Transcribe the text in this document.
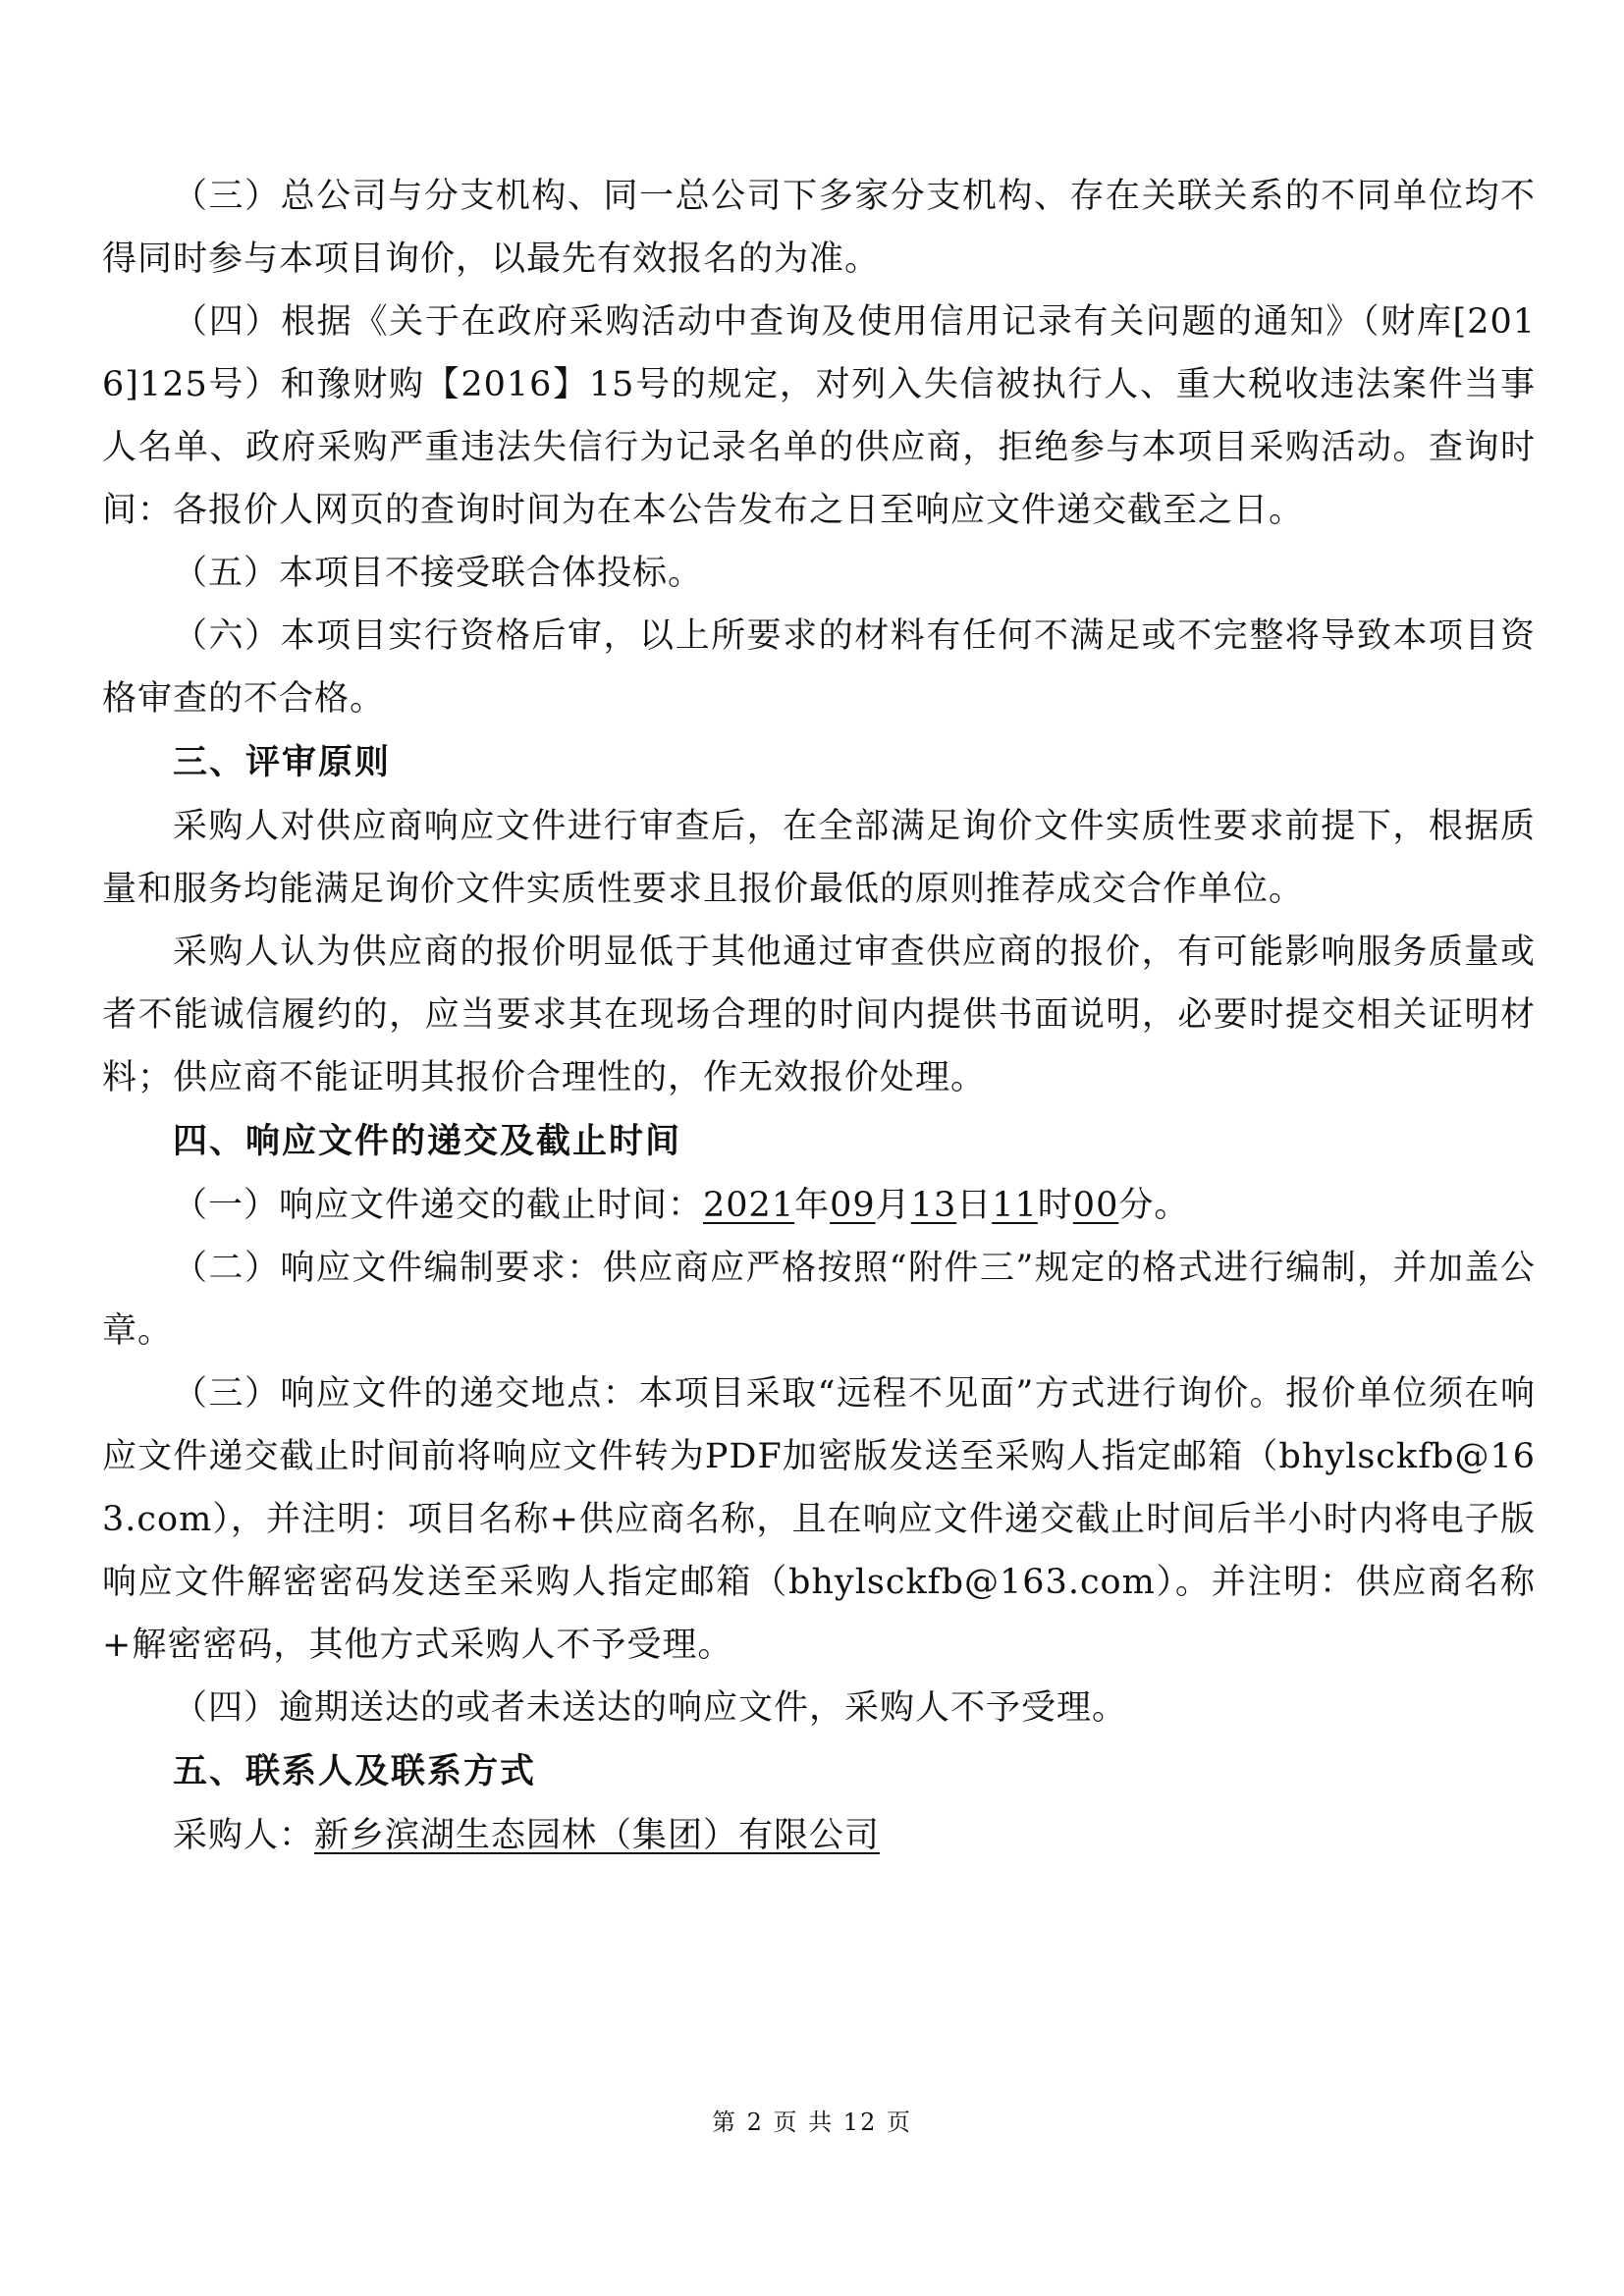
（三）总公司与分支机构、同一总公司下多家分支机构、存在关联关系的不同单位均不得同时参与本项目询价，以最先有效报名的为准。

（四）根据《关于在政府采购活动中查询及使用信用记录有关问题的通知》（财库[2016]125号）和豫财购【2016】15号的规定，对列入失信被执行人、重大税收违法案件当事人名单、政府采购严重违法失信行为记录名单的供应商，拒绝参与本项目采购活动。查询时间：各报价人网页的查询时间为在本公告发布之日至响应文件递交截至之日。

（五）本项目不接受联合体投标。

（六）本项目实行资格后审，以上所要求的材料有任何不满足或不完整将导致本项目资格审查的不合格。

三、评审原则

采购人对供应商响应文件进行审查后，在全部满足询价文件实质性要求前提下，根据质量和服务均能满足询价文件实质性要求且报价最低的原则推荐成交合作单位。

采购人认为供应商的报价明显低于其他通过审查供应商的报价，有可能影响服务质量或者不能诚信履约的，应当要求其在现场合理的时间内提供书面说明，必要时提交相关证明材料；供应商不能证明其报价合理性的，作无效报价处理。

四、响应文件的递交及截止时间

（一）响应文件递交的截止时间：2021年09月13日11时00分。

（二）响应文件编制要求：供应商应严格按照“附件三”规定的格式进行编制，并加盖公章。

（三）响应文件的递交地点：本项目采取“远程不见面”方式进行询价。报价单位须在响应文件递交截止时间前将响应文件转为PDF加密版发送至采购人指定邮箱（bhylsckfb@163.com），并注明：项目名称+供应商名称，且在响应文件递交截止时间后半小时内将电子版响应文件解密密码发送至采购人指定邮箱（bhylsckfb@163.com）。并注明：供应商名称+解密密码，其他方式采购人不予受理。

（四）逾期送达的或者未送达的响应文件，采购人不予受理。

五、联系人及联系方式

采购人：新乡滨湖生态园林（集团）有限公司

第 2 页 共 12 页
